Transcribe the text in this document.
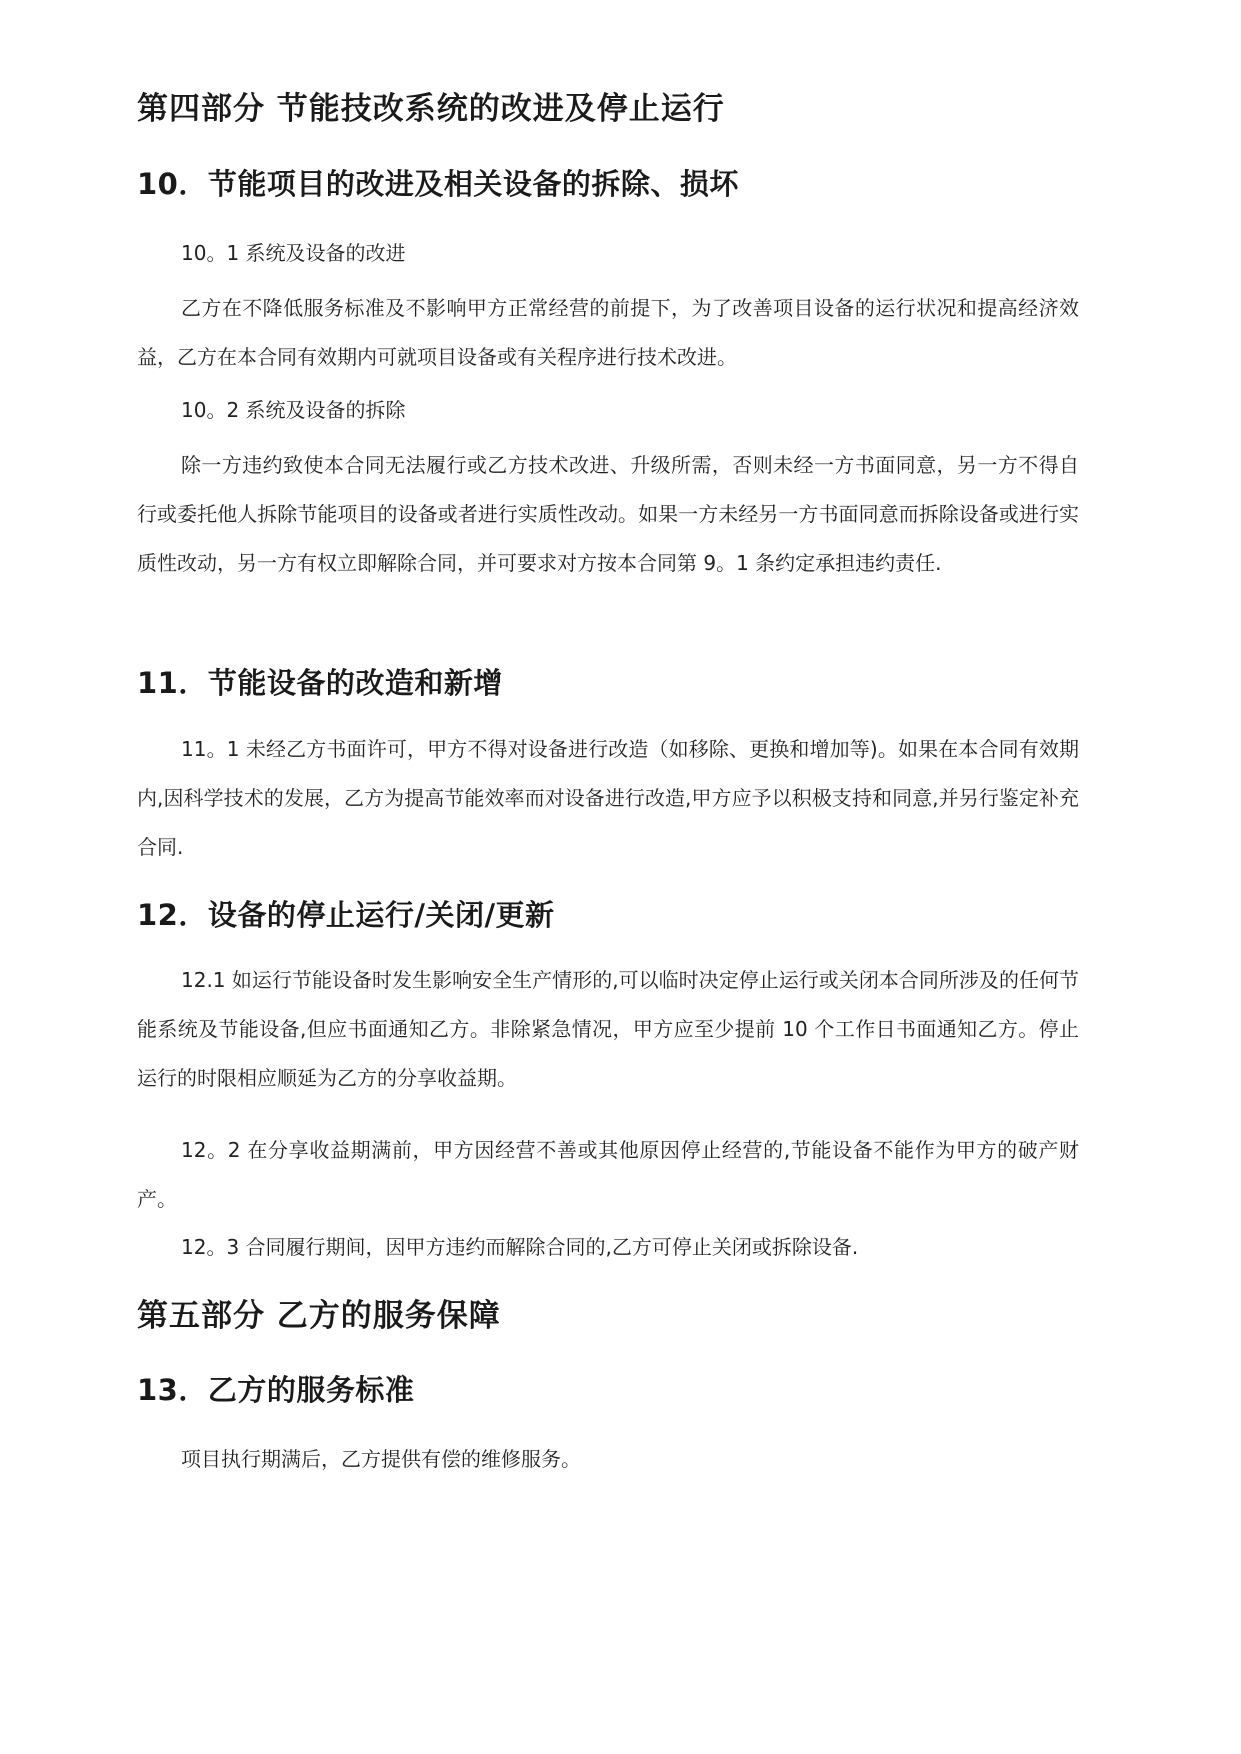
第四部分 节能技改系统的改进及停止运行
10．节能项目的改进及相关设备的拆除、损坏

10。1 系统及设备的改进

乙方在不降低服务标准及不影响甲方正常经营的前提下，为了改善项目设备的运行状况和提高经济效益，乙方在本合同有效期内可就项目设备或有关程序进行技术改进。

10。2 系统及设备的拆除

除一方违约致使本合同无法履行或乙方技术改进、升级所需，否则未经一方书面同意，另一方不得自行或委托他人拆除节能项目的设备或者进行实质性改动。如果一方未经另一方书面同意而拆除设备或进行实质性改动，另一方有权立即解除合同，并可要求对方按本合同第 9。1 条约定承担违约责任.

11．节能设备的改造和新增

11。1 未经乙方书面许可，甲方不得对设备进行改造（如移除、更换和增加等)。如果在本合同有效期内,因科学技术的发展，乙方为提高节能效率而对设备进行改造,甲方应予以积极支持和同意,并另行鉴定补充合同.

12．设备的停止运行/关闭/更新

12.1 如运行节能设备时发生影响安全生产情形的,可以临时决定停止运行或关闭本合同所涉及的任何节能系统及节能设备,但应书面通知乙方。非除紧急情况，甲方应至少提前 10 个工作日书面通知乙方。停止运行的时限相应顺延为乙方的分享收益期。

12。2 在分享收益期满前，甲方因经营不善或其他原因停止经营的,节能设备不能作为甲方的破产财产。

12。3 合同履行期间，因甲方违约而解除合同的,乙方可停止关闭或拆除设备.

第五部分 乙方的服务保障
13．乙方的服务标准

项目执行期满后，乙方提供有偿的维修服务。
